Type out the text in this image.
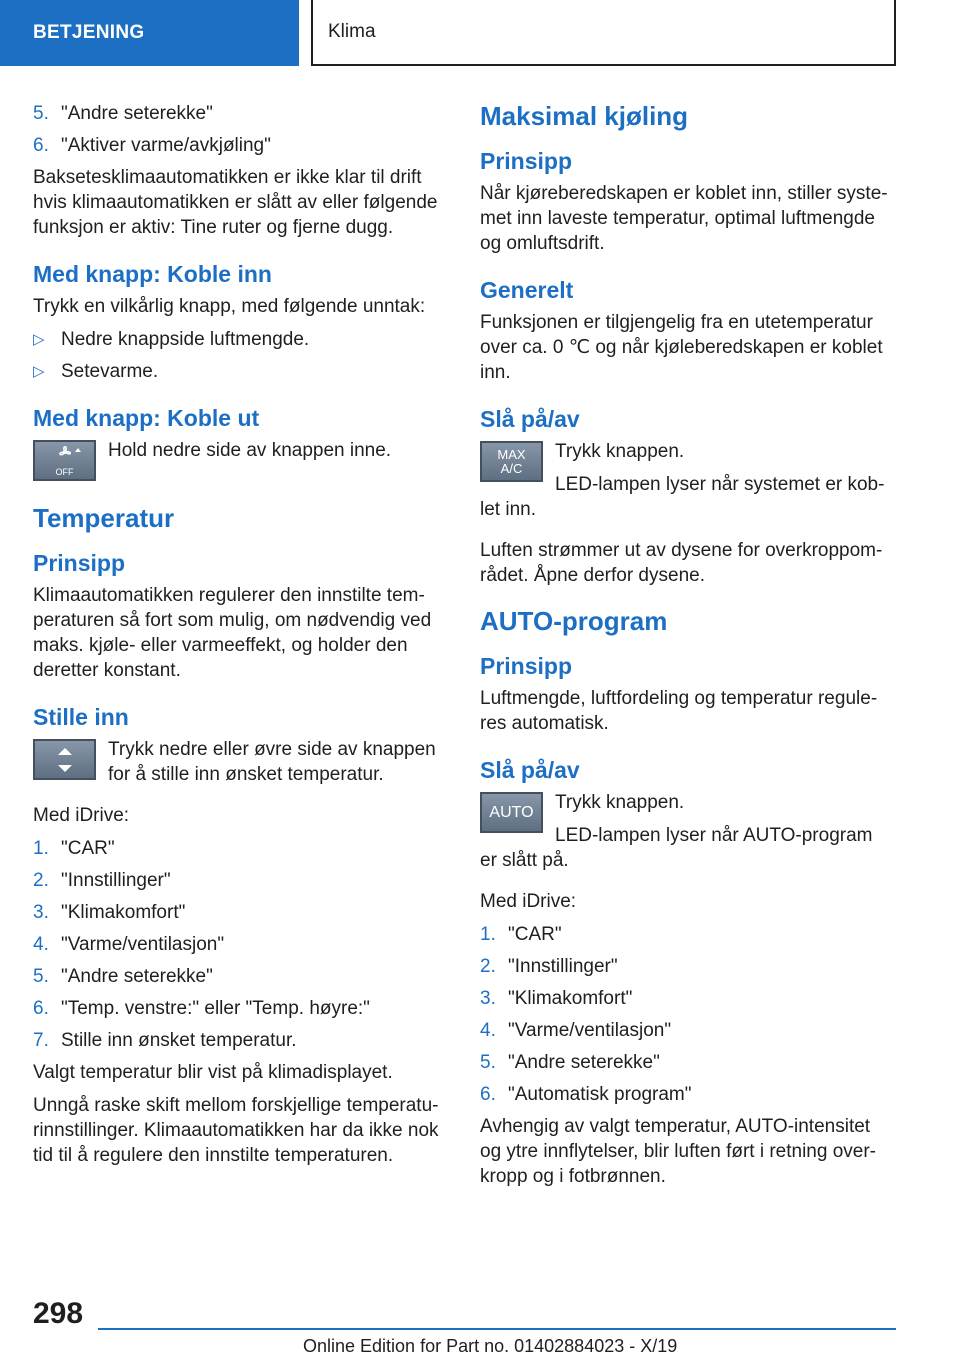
BETJENING	Klima
5. "Andre seterekke"
6. "Aktiver varme/avkjøling"

Baksetesklimaautomatikken er ikke klar til drift hvis klimaautomatikken er slått av eller følgende funksjon er aktiv: Tine ruter og fjerne dugg.

Med knapp: Koble inn

Trykk en vilkårlig knapp, med følgende unntak:

▷ Nedre knappside luftmengde.
▷ Setevarme.
Med knapp: Koble ut
OFF

Hold nedre side av knappen inne.

Temperatur
Prinsipp

Klimaautomatikken regulerer den innstilte temperaturen så fort som mulig, om nødvendig ved maks. kjøle- eller varmeeffekt, og holder den deretter konstant.

Stille inn

Trykk nedre eller øvre side av knappen for å stille inn ønsket temperatur.

Med iDrive:

1. "CAR"
2. "Innstillinger"
3. "Klimakomfort"
4. "Varme/ventilasjon"
5. "Andre seterekke"
6. "Temp. venstre:" eller "Temp. høyre:"
7. Stille inn ønsket temperatur.

Valgt temperatur blir vist på klimadisplayet.

Unngå raske skift mellom forskjellige temperaturinnstillinger. Klimaautomatikken har da ikke nok tid til å regulere den innstilte temperaturen.

Maksimal kjøling
Prinsipp

Når kjøreberedskapen er koblet inn, stiller systemet inn laveste temperatur, optimal luftmengde og omluftsdrift.

Generelt

Funksjonen er tilgjengelig fra en utetemperatur over ca. 0 ℃ og når kjøleberedskapen er koblet inn.

Slå på/av
MAX
A/C

Trykk knappen.

LED-lampen lyser når systemet er koblet inn.

Luften strømmer ut av dysene for overkroppområdet. Åpne derfor dysene.

AUTO-program
Prinsipp

Luftmengde, luftfordeling og temperatur reguleres automatisk.

Slå på/av
AUTO	Trykk knappen.

LED-lampen lyser når AUTO-program er slått på.

Med iDrive:

1. "CAR"
2. "Innstillinger"
3. "Klimakomfort"
4. "Varme/ventilasjon"
5. "Andre seterekke"
6. "Automatisk program"

Avhengig av valgt temperatur, AUTO-intensitet og ytre innflytelser, blir luften ført i retning overkropp og i fotbrønnen.

298
Online Edition for Part no. 01402884023 - X/19
